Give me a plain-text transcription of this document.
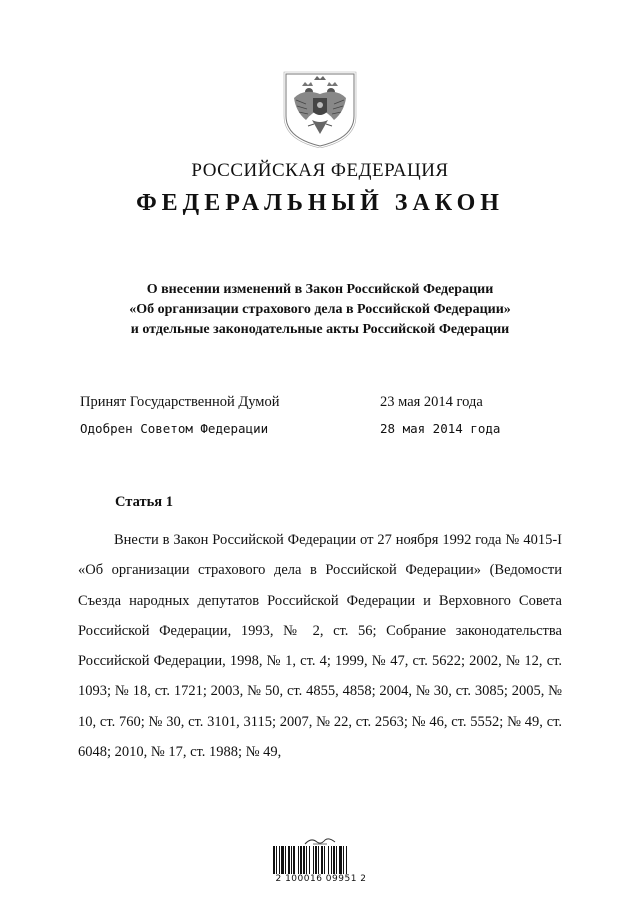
РОССИЙСКАЯ ФЕДЕРАЦИЯ
ФЕДЕРАЛЬНЫЙ ЗАКОН
О внесении изменений в Закон Российской Федерации
«Об организации страхового дела в Российской Федерации»
и отдельные законодательные акты Российской Федерации
Принят Государственной Думой	23 мая 2014 года
Одобрен Советом Федерации	28 мая 2014 года
Статья 1
Внести в Закон Российской Федерации от 27 ноября 1992 года № 4015-I «Об организации страхового дела в Российской Федерации» (Ведомости Съезда народных депутатов Российской Федерации и Верховного Совета Российской Федерации, 1993, № 2, ст. 56; Собрание законодательства Российской Федерации, 1998, № 1, ст. 4; 1999, № 47, ст. 5622; 2002, № 12, ст. 1093; № 18, ст. 1721; 2003, № 50, ст. 4855, 4858; 2004, № 30, ст. 3085; 2005, № 10, ст. 760; № 30, ст. 3101, 3115; 2007, № 22, ст. 2563; № 46, ст. 5552; № 49, ст. 6048; 2010, № 17, ст. 1988; № 49,
2 100016 09951 2
